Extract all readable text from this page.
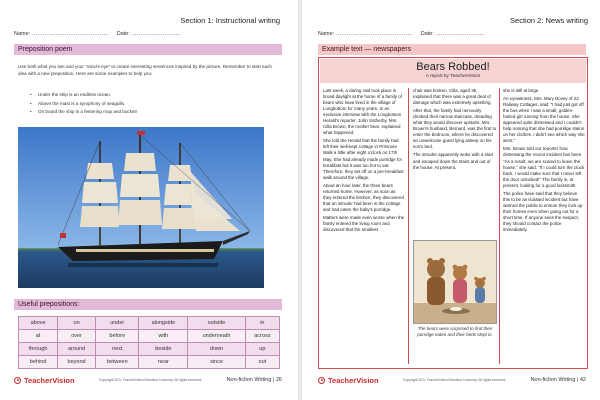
Section 1: Instructional writing
Name: …………………………………… Date: ………………………
Preposition poem
Use both what you see and your “mind’s eye” to create interesting sentences inspired by the picture. Remember to start each idea with a new preposition. Here are some examples to help you:
• Under the ship is an endless ocean.
• Above the mast is a symphony of seagulls.
• On board the ship is a festering mop and bucket!
Useful prepositions:
above	on	under	alongside	outside	in
at	over	before	with	underneath	across
through	around	next	beside	down	up
behind	beyond	between	near	since	out
TeacherVision	Copyright 2021 TeacherVision/Sandbox Learning. All rights reserved.	Non-fiction Writing | 26
Section 2: News writing
Name: …………………………………… Date: ………………………
Example text — newspapers
Bears Robbed!
A report by TeacherVision

Last week, a daring raid took place in broad daylight at the home of a family of bears who have lived in the village of Longbottom for many years. In an exclusive interview with the Longbottom Herald's reporter, John Sotherby, Mrs. Cilla Brown, the mother bear, explained what happened.

She told the Herald that the family had left their well-kept cottage in Primrose Walk a little after eight o'clock on 17th May. She had already made porridge for breakfast but it was too hot to eat. Therefore, they set off on a pre-breakfast walk around the village.

About an hour later, the three bears returned home. However, as soon as they entered the kitchen, they discovered that an intruder had been in the cottage and had eaten the baby's porridge.

Matters were made even worse when the family entered the living room and discovered that the smallest

chair was broken. Cilla, aged 35, explained that there was a great deal of damage which was extremely upsetting.

After that, the family had nervously climbed their narrow staircase, dreading what they would discover upstairs. Mrs. Brown's husband, Bernard, was the first to enter the bedroom, where he discovered an unwelcome guest lying asleep on his son's bed.

The intruder apparently woke with a start and escaped down the stairs and out of the house. At present,

The bears were surprised to find their porridge eaten and their beds slept in.

she is still at large.

An eyewitness, Mrs. Mary Dovey of 22 Railway Cottages, said: "I had just got off the bus when I saw a small, golden-haired girl running from the house. She appeared quite distressed and I couldn't help noticing that she had porridge stains on her clothes. I didn't see which way she went."

Mrs. Brown told our reporter how distressing the recent incident has been. "As a result, we are scared to leave the house," she said. "If I could turn the clock back, I would make sure that I never left the door unlocked!" The family is, at present, looking for a good locksmith.

The police have said that they believe this to be an isolated incident but have warned the public to ensure they lock up their homes even when going out for a short time. If anyone sees the suspect, they should contact the police immediately.

TeacherVision	Copyright 2021 TeacherVision/Sandbox Learning. All rights reserved.	Non-fiction Writing | 42
